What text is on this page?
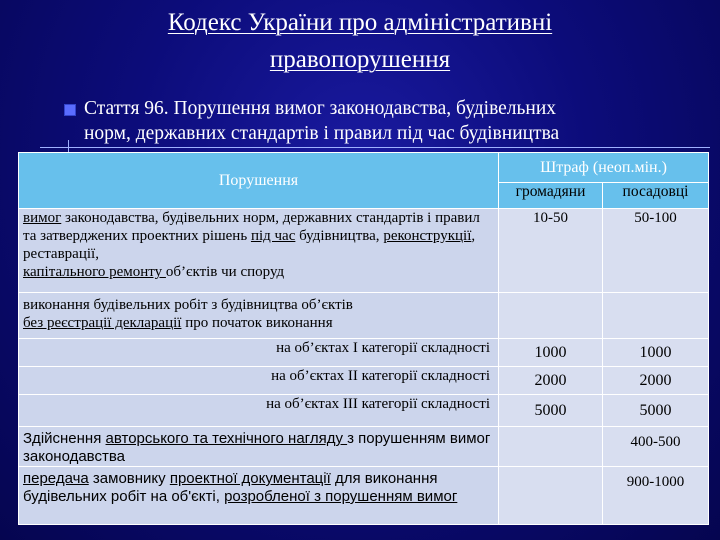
Кодекс України про адміністративні
правопорушення
Стаття 96. Порушення вимог законодавства, будівельних
норм, державних стандартів і правил під час будівництва
Порушення	Штраф (неоп.мін.)	
	громадяни	посадовці
вимог законодавства, будівельних норм, державних стандартів і правил та затверджених проектних рішень під час будівництва, реконструкції, реставрації,
капітального ремонту об’єктів чи споруд	10-50	50-100
виконання будівельних робіт з будівництва об’єктів
без реєстрації декларації про початок виконання		
на об’єктах I категорії складності	1000	1000
на об’єктах II категорії складності	2000	2000
на об’єктах III категорії складності	5000	5000
Здійснення авторського та технічного нагляду з порушенням вимог законодавства		400-500
передача замовнику проектної документації для виконання будівельних робіт на об'єкті, розробленої з порушенням вимог		900-1000
